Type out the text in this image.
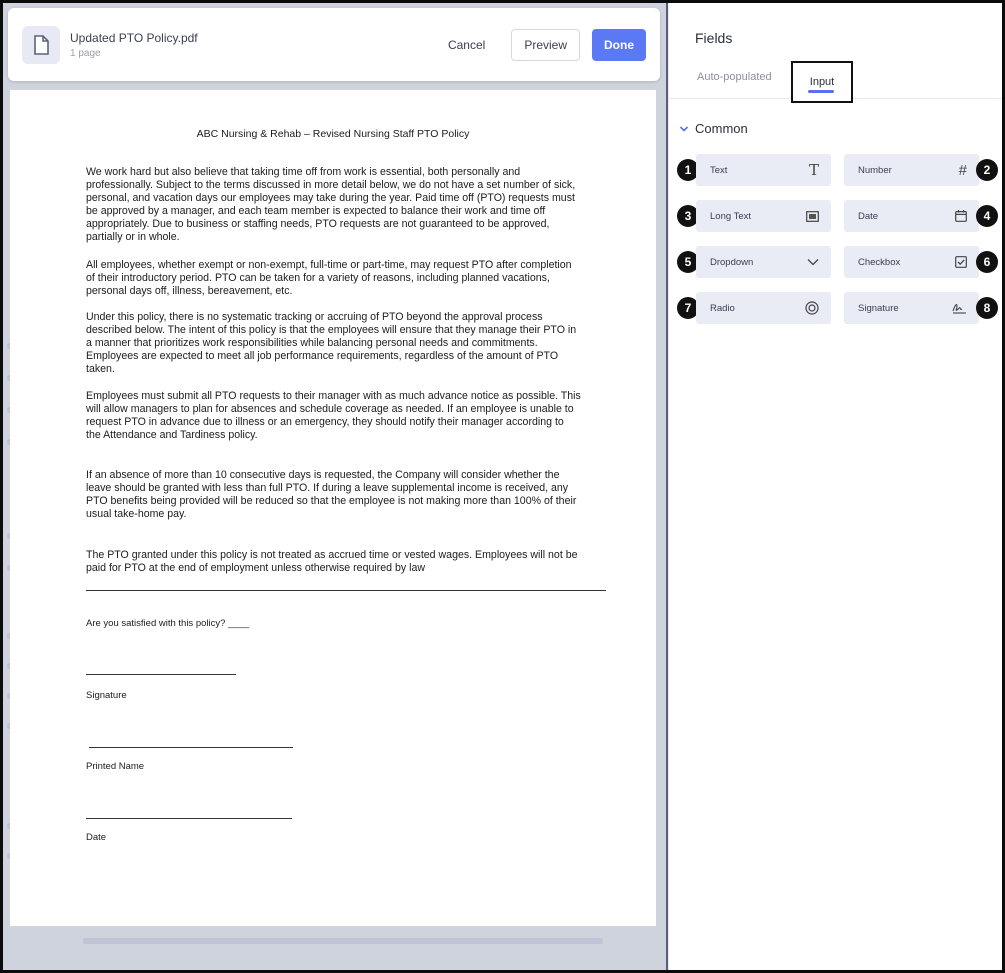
Updated PTO Policy.pdf
1 page
Cancel	Preview	Done
ABC Nursing & Rehab – Revised Nursing Staff PTO Policy
We work hard but also believe that taking time off from work is essential, both personally and professionally. Subject to the terms discussed in more detail below, we do not have a set number of sick, personal, and vacation days our employees may take during the year. Paid time off (PTO) requests must be approved by a manager, and each team member is expected to balance their work and time off appropriately. Due to business or staffing needs, PTO requests are not guaranteed to be approved, partially or in whole.
All employees, whether exempt or non-exempt, full-time or part-time, may request PTO after completion of their introductory period. PTO can be taken for a variety of reasons, including planned vacations, personal days off, illness, bereavement, etc.
Under this policy, there is no systematic tracking or accruing of PTO beyond the approval process described below. The intent of this policy is that the employees will ensure that they manage their PTO in a manner that prioritizes work responsibilities while balancing personal needs and commitments. Employees are expected to meet all job performance requirements, regardless of the amount of PTO taken.
Employees must submit all PTO requests to their manager with as much advance notice as possible. This will allow managers to plan for absences and schedule coverage as needed. If an employee is unable to request PTO in advance due to illness or an emergency, they should notify their manager according to the Attendance and Tardiness policy.
If an absence of more than 10 consecutive days is requested, the Company will consider whether the leave should be granted with less than full PTO. If during a leave supplemental income is received, any PTO benefits being provided will be reduced so that the employee is not making more than 100% of their usual take-home pay.
The PTO granted under this policy is not treated as accrued time or vested wages. Employees will not be paid for PTO at the end of employment unless otherwise required by law
Are you satisfied with this policy? ____
Signature
Printed Name
Date
Fields
Auto-populated	Input
Common
1	Text	T	Number	#	2
3	Long Text	Date	4
5	Dropdown	Checkbox	6
7	Radio	Signature	8
